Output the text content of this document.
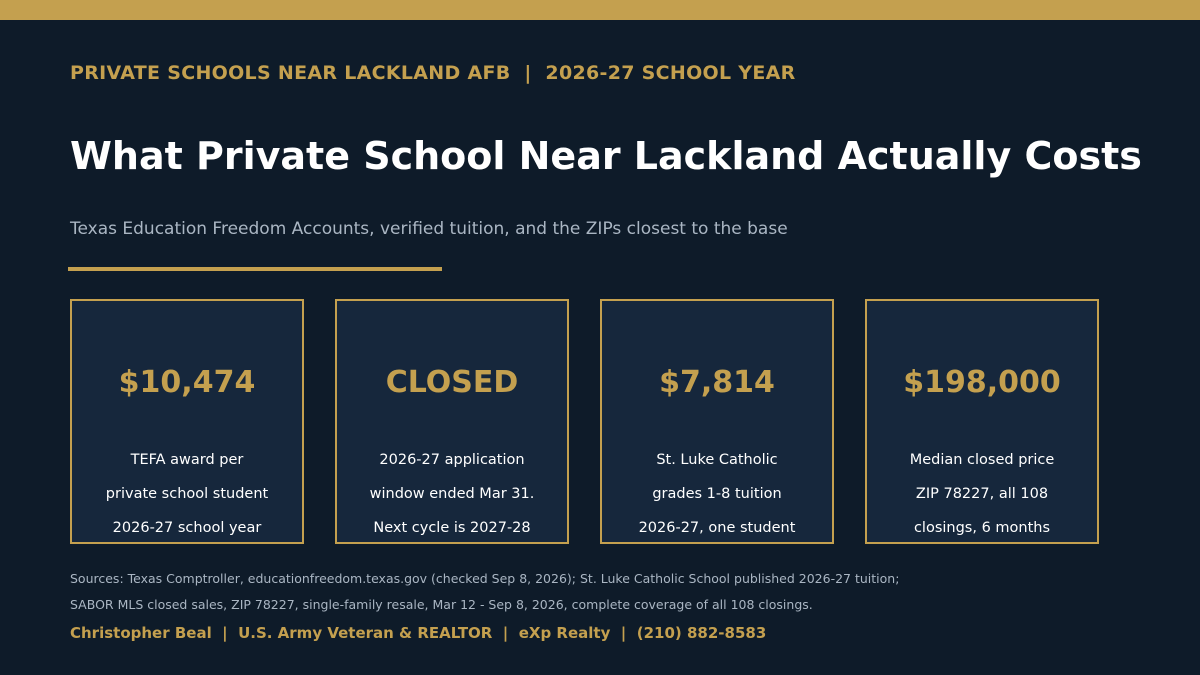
PRIVATE SCHOOLS NEAR LACKLAND AFB  |  2026-27 SCHOOL YEAR
What Private School Near Lackland Actually Costs
Texas Education Freedom Accounts, verified tuition, and the ZIPs closest to the base
$10,474
TEFA award per
private school student
2026-27 school year
CLOSED
2026-27 application
window ended Mar 31.
Next cycle is 2027-28
$7,814
St. Luke Catholic
grades 1-8 tuition
2026-27, one student
$198,000
Median closed price
ZIP 78227, all 108
closings, 6 months
Sources: Texas Comptroller, educationfreedom.texas.gov (checked Sep 8, 2026); St. Luke Catholic School published 2026-27 tuition;
SABOR MLS closed sales, ZIP 78227, single-family resale, Mar 12 - Sep 8, 2026, complete coverage of all 108 closings.
Christopher Beal  |  U.S. Army Veteran & REALTOR  |  eXp Realty  |  (210) 882-8583
